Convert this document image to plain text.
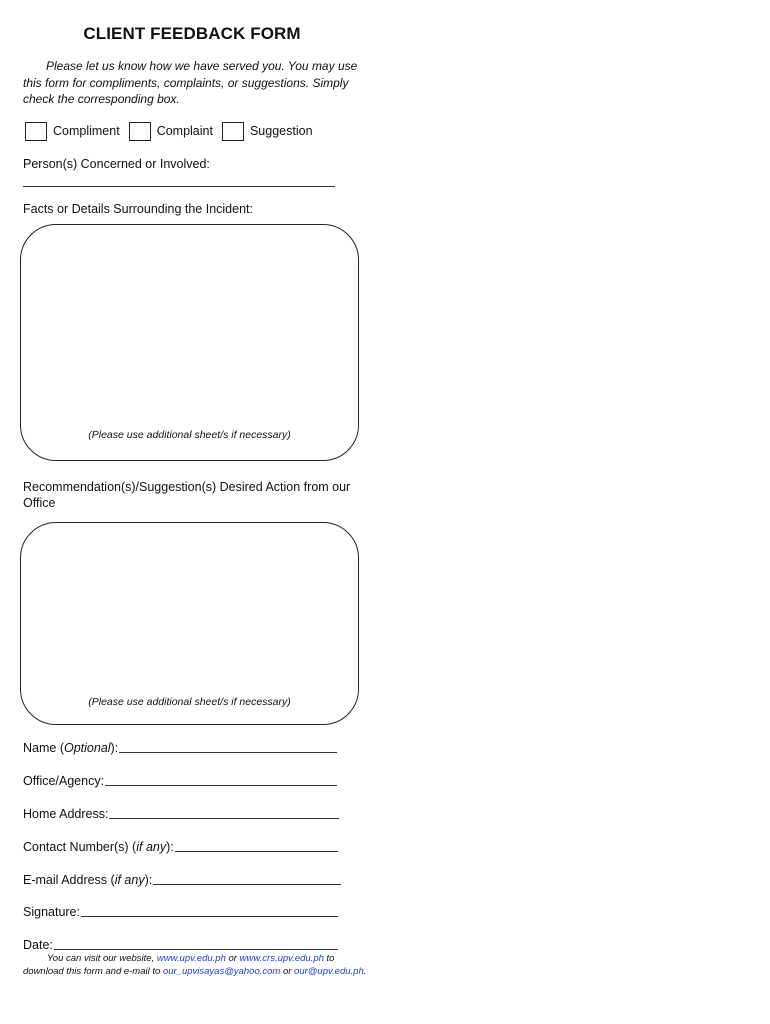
CLIENT FEEDBACK FORM
Please let us know how we have served you. You may use this form for compliments, complaints, or suggestions. Simply check the corresponding box.
Compliment	Complaint	Suggestion
Person(s) Concerned or Involved:
Facts or Details Surrounding the Incident:
(Please use additional sheet/s if necessary)
Recommendation(s)/Suggestion(s) Desired Action from our Office
(Please use additional sheet/s if necessary)
Name (Optional):
Office/Agency:
Home Address:
Contact Number(s) (if any):
E-mail Address (if any):
Signature:
Date:
You can visit our website, www.upv.edu.ph or www.crs.upv.edu.ph to download this form and e-mail to our_upvisayas@yahoo.com or our@upv.edu.ph.
